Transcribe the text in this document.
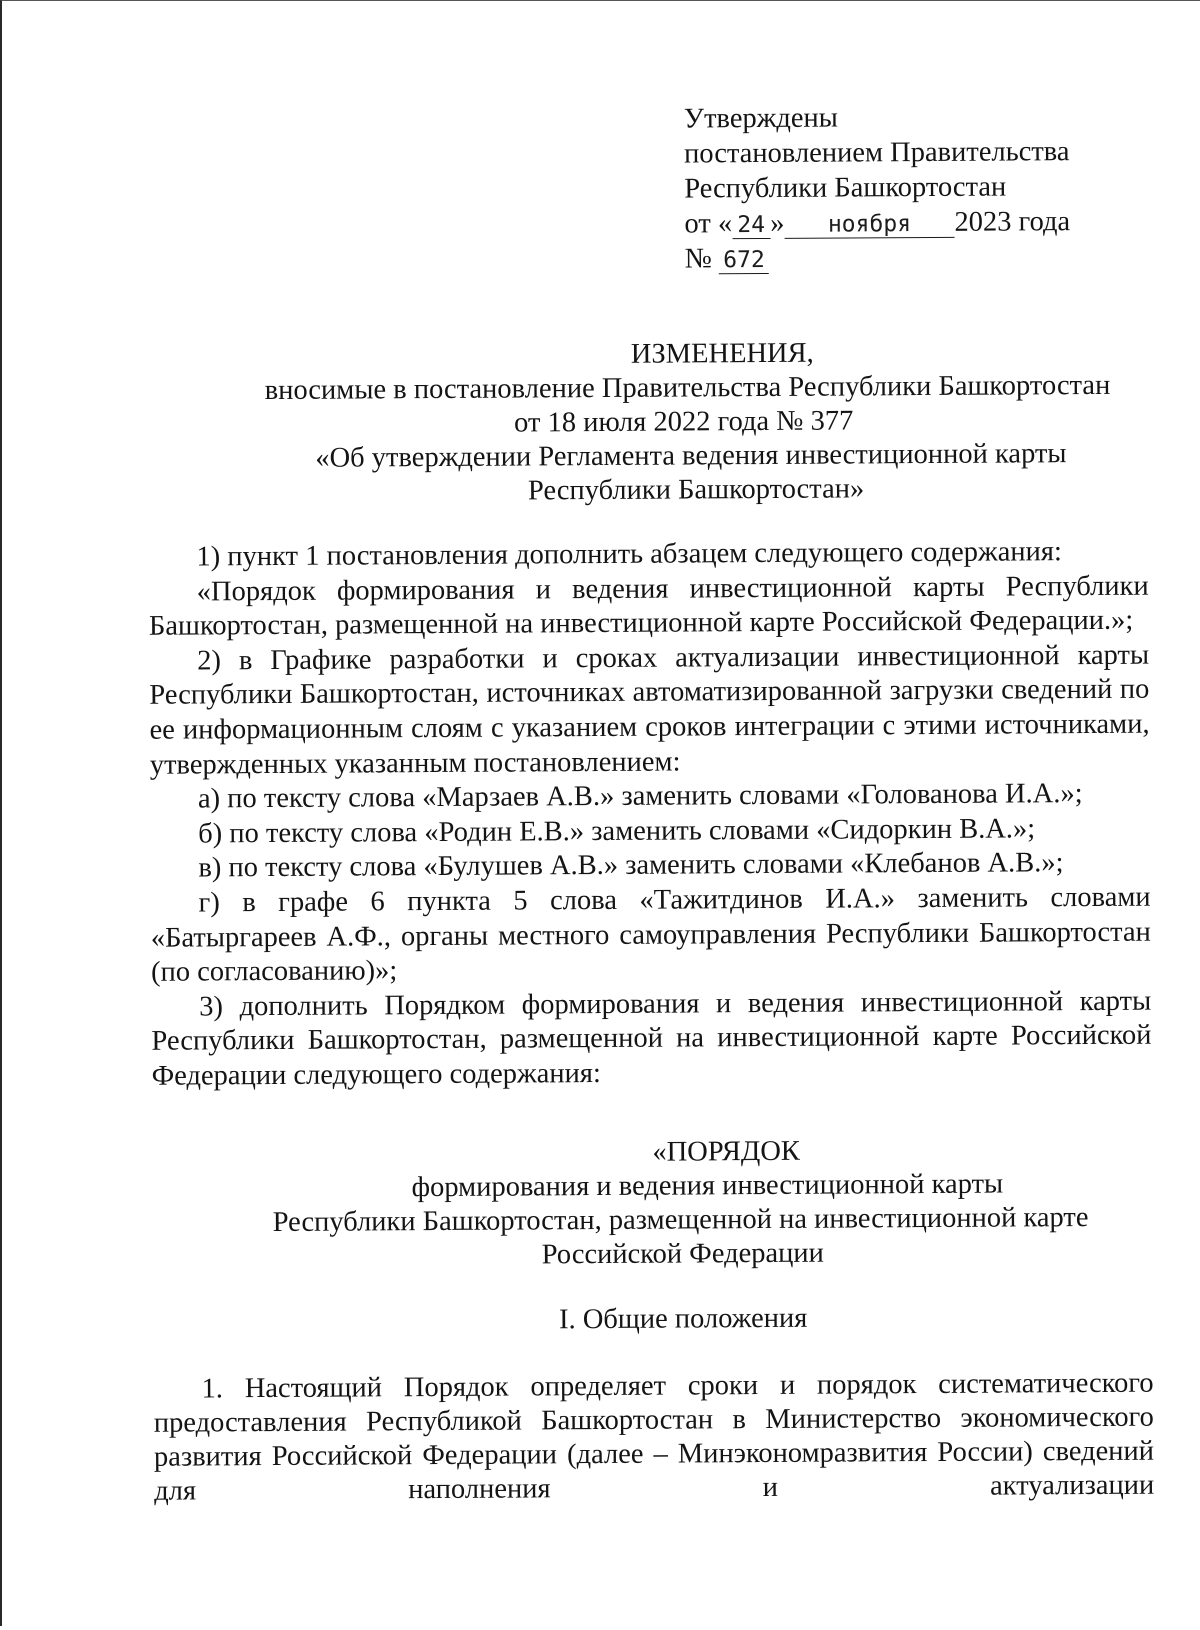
Утверждены
постановлением Правительства
Республики Башкортостан
от « 24 » ноября 2023 года
№ 672
ИЗМЕНЕНИЯ,
вносимые в постановление Правительства Республики Башкортостан
от 18 июля 2022 года № 377
«Об утверждении Регламента ведения инвестиционной карты
Республики Башкортостан»

1) пункт 1 постановления дополнить абзацем следующего содержания:

«Порядок формирования и ведения инвестиционной карты Республики Башкортостан, размещенной на инвестиционной карте Российской Федерации.»;

2) в Графике разработки и сроках актуализации инвестиционной карты Республики Башкортостан, источниках автоматизированной загрузки сведений по ее информационным слоям с указанием сроков интеграции с этими источниками, утвержденных указанным постановлением:

а) по тексту слова «Марзаев А.В.» заменить словами «Голованова И.А.»;

б) по тексту слова «Родин Е.В.» заменить словами «Сидоркин В.А.»;

в) по тексту слова «Булушев А.В.» заменить словами «Клебанов А.В.»;

г) в графе 6 пункта 5 слова «Тажитдинов И.А.» заменить словами «Батыргареев А.Ф., органы местного самоуправления Республики Башкортостан (по согласованию)»;

3) дополнить Порядком формирования и ведения инвестиционной карты Республики Башкортостан, размещенной на инвестиционной карте Российской Федерации следующего содержания:

«ПОРЯДОК
формирования и ведения инвестиционной карты
Республики Башкортостан, размещенной на инвестиционной карте
Российской Федерации
I. Общие положения

1. Настоящий Порядок определяет сроки и порядок систематического предоставления Республикой Башкортостан в Министерство экономического развития Российской Федерации (далее – Минэкономразвития России) сведений для наполнения и актуализации
